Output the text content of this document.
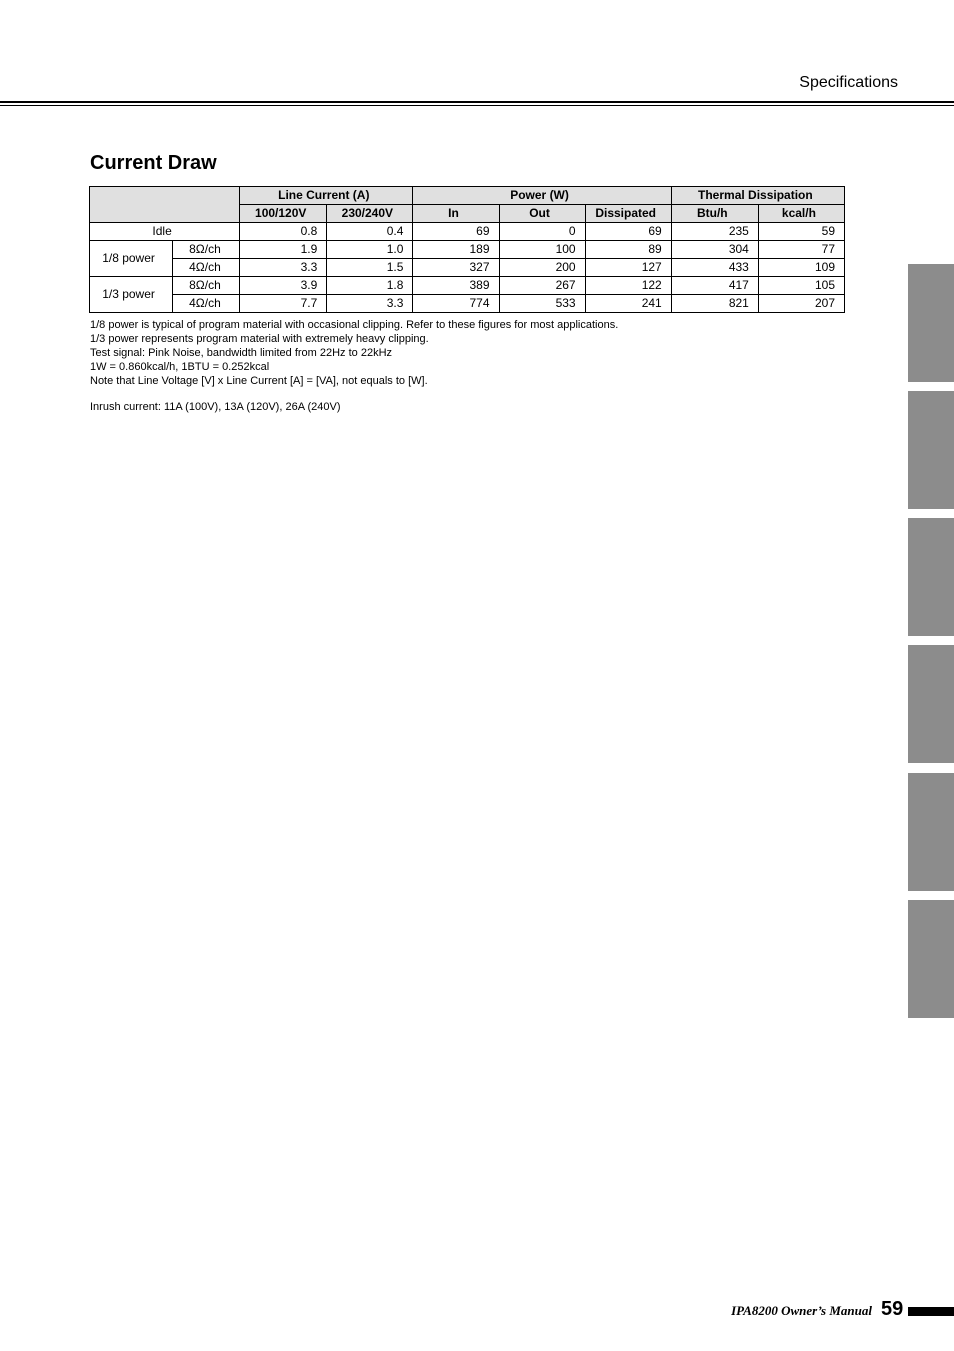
Specifications
Current Draw
		Line Current (A)		Power (W)			Thermal Dissipation	
		100/120V	230/240V	In	Out	Dissipated	Btu/h	kcal/h
Idle		0.8	0.4	69	0	69	235	59
1/8 power	8Ω/ch	1.9	1.0	189	100	89	304	77
	4Ω/ch	3.3	1.5	327	200	127	433	109
1/3 power	8Ω/ch	3.9	1.8	389	267	122	417	105
	4Ω/ch	7.7	3.3	774	533	241	821	207
1/8 power is typical of program material with occasional clipping. Refer to these figures for most applications.
1/3 power represents program material with extremely heavy clipping.
Test signal: Pink Noise, bandwidth limited from 22Hz to 22kHz
1W = 0.860kcal/h, 1BTU = 0.252kcal
Note that Line Voltage [V] x Line Current [A] = [VA], not equals to [W].
Inrush current: 11A (100V), 13A (120V), 26A (240V)
IPA8200 Owner’s Manual 59
